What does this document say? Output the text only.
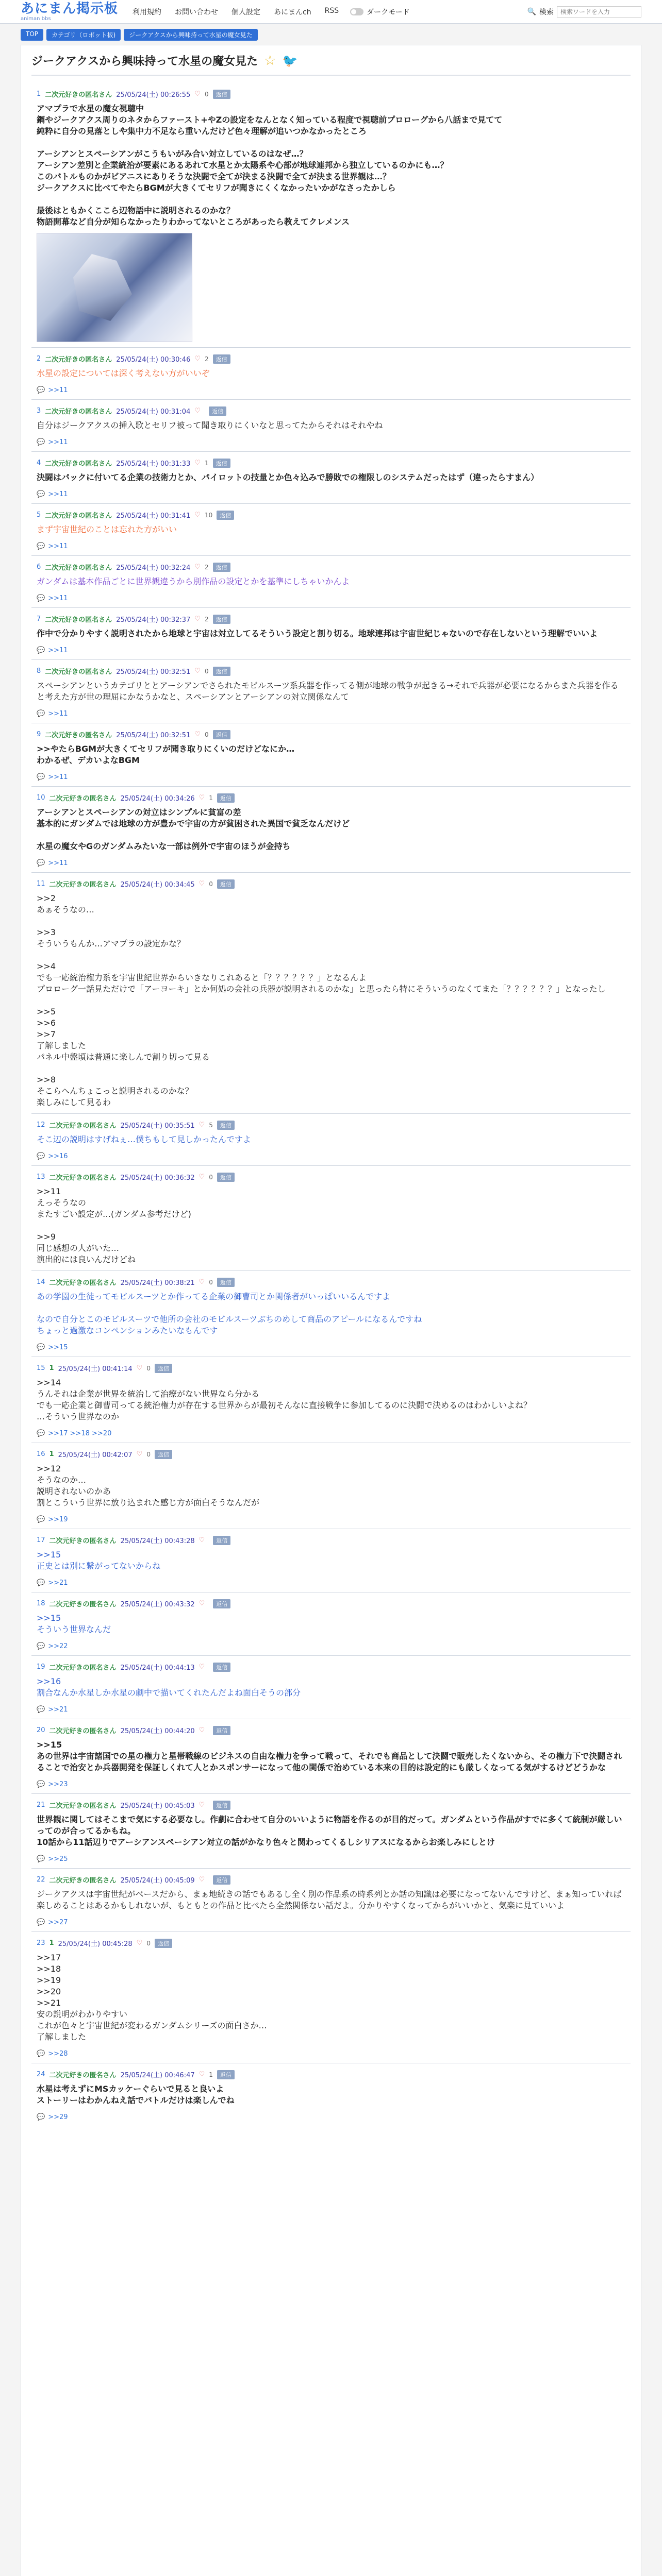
あにまん掲示板
animan bbs
利用規約 お問い合わせ 個人設定 あにまんch RSS	ダークモード	🔍 検索
検索ワードを入力
TOP	カテゴリ（ロボット板)	ジークアクスから興味持って水星の魔女見た
ジークアクスから興味持って水星の魔女見た ☆ 🐦
1 二次元好きの匿名さん 25/05/24(土) 00:26:55 ♡ 0	返信
アマプラで水星の魔女視聴中
鋼やジークアクス周りのネタからファースト+やZの設定をなんとなく知っている程度で視聴前プロローグから八話まで見てて
純粋に自分の見落としや集中力不足なら重いんだけど色々理解が追いつかなかったところ

アーシアンとスペーシアンがこうもいがみ合い対立しているのはなぜ…？
アーシアン差別と企業統治が要素にあるあれて水星とか太陽系や心部が地球連邦から独立しているのかにも…？
このバトルものかがビアニスにありそうな決闘で全てが決まる決闘で全てが決まる世界観は…？
ジークアクスに比べてやたらBGMが大きくてセリフが聞きにくくなかったいかがなさったかしら

最後はともかくここら辺物語中に説明されるのかな？
物語開幕など自分が知らなかったりわかってないところがあったら教えてクレメンス
2 二次元好きの匿名さん 25/05/24(土) 00:30:46 ♡ 2	返信
水星の設定については深く考えない方がいいぞ
💬 >>11
3 二次元好きの匿名さん 25/05/24(土) 00:31:04 ♡	返信
自分はジークアクスの挿入歌とセリフ被って聞き取りにくいなと思ってたからそれはそれやね
💬 >>11
4 二次元好きの匿名さん 25/05/24(土) 00:31:33 ♡ 1	返信
決闘はパックに付いてる企業の技術力とか、パイロットの技量とか色々込みで勝敗での権限しのシステムだったはず（違ったらすまん）
💬 >>11
5 二次元好きの匿名さん 25/05/24(土) 00:31:41 ♡ 10	返信
まず宇宙世紀のことは忘れた方がいい
💬 >>11
6 二次元好きの匿名さん 25/05/24(土) 00:32:24 ♡ 2	返信
ガンダムは基本作品ごとに世界観違うから別作品の設定とかを基準にしちゃいかんよ
💬 >>11
7 二次元好きの匿名さん 25/05/24(土) 00:32:37 ♡ 2	返信
作中で分かりやすく説明されたから地球と宇宙は対立してるそういう設定と割り切る。地球連邦は宇宙世紀じゃないので存在しないという理解でいいよ
💬 >>11
8 二次元好きの匿名さん 25/05/24(土) 00:32:51 ♡ 0	返信
スペーシアンというカテゴリととアーシアンでさられたモビルスーツ系兵器を作ってる側が地球の戦争が起きる→それで兵器が必要になるからまた兵器を作ると考えた方が世の理屈にかなうかなと、スペーシアンとアーシアンの対立関係なんて
💬 >>11
9 二次元好きの匿名さん 25/05/24(土) 00:32:51 ♡ 0	返信
>>やたらBGMが大きくてセリフが聞き取りにくいのだけどなにか…
わかるぜ、デカいよなBGM
💬 >>11
10 二次元好きの匿名さん 25/05/24(土) 00:34:26 ♡ 1	返信
アーシアンとスペーシアンの対立はシンプルに貧富の差
基本的にガンダムでは地球の方が豊かで宇宙の方が貧困された異国で貧乏なんだけど

水星の魔女やGのガンダムみたいな一部は例外で宇宙のほうが金持ち
💬 >>11
11 二次元好きの匿名さん 25/05/24(土) 00:34:45 ♡ 0	返信
>>2
あぁそうなの…

>>3
そういうもんか…アマプラの設定かな？

>>4
でも一応統治権力系を宇宙世紀世界からいきなりこれあると「？？？？？？」となるんよ
プロローグ一話見ただけで「アーヨーキ」とか何処の会社の兵器が説明されるのかな」と思ったら特にそういうのなくてまた「？？？？？？」となったし

>>5
>>6
>>7
了解しました
パネル中盤頃は普通に楽しんで割り切って見る

>>8
そこらへんちょこっと説明されるのかな？
楽しみにして見るわ
12 二次元好きの匿名さん 25/05/24(土) 00:35:51 ♡ 5	返信
そこ辺の説明はすげねぇ…僕ちもして見しかったんですよ
💬 >>16
13 二次元好きの匿名さん 25/05/24(土) 00:36:32 ♡ 0	返信
>>11
えっそうなの
またすごい設定が…(ガンダム参考だけど)

>>9
同じ感想の人がいた…
演出的には良いんだけどね
14 二次元好きの匿名さん 25/05/24(土) 00:38:21 ♡ 0	返信
あの学園の生徒ってモビルスーツとか作ってる企業の御曹司とか関係者がいっぱいいるんですよ

なので自分とこのモビルスーツで他所の会社のモビルスーツぶちのめして商品のアピールになるんですね
ちょっと過激なコンペンションみたいなもんです
💬 >>15
15 1 25/05/24(土) 00:41:14 ♡ 0	返信
>>14
うんそれは企業が世界を統治して治療がない世界なら分かる
でも一応企業と御曹司ってる統治権力が存在する世界からが最初そんなに直接戦争に参加してるのに決闘で決めるのはわかしいよね？
…そういう世界なのか
💬 >>17 >>18 >>20
16 1 25/05/24(土) 00:42:07 ♡ 0	返信
>>12
そうなのか…
説明されないのかあ
割とこういう世界に放り込まれた感じ方が面白そうなんだが
💬 >>19
17 二次元好きの匿名さん 25/05/24(土) 00:43:28 ♡	返信
>>15
正史とは別に繋がってないからね
💬 >>21
18 二次元好きの匿名さん 25/05/24(土) 00:43:32 ♡	返信
>>15
そういう世界なんだ
💬 >>22
19 二次元好きの匿名さん 25/05/24(土) 00:44:13 ♡	返信
>>16
割合なんか水星しか水星の劇中で描いてくれたんだよね面白そうの部分
💬 >>21
20 二次元好きの匿名さん 25/05/24(土) 00:44:20 ♡	返信
>>15
あの世界は宇宙諸国での星の権力と星帯戦線のビジネスの自由な権力を争って戦って、それでも商品として決闘で販売したくないから、その権力下で決闘されることで治安とか兵器開発を保証しくれて人とかスポンサーになって他の関係で治めている本来の目的は設定的にも厳しくなってる気がするけどどうかな
💬 >>23
21 二次元好きの匿名さん 25/05/24(土) 00:45:03 ♡	返信
世界観に関してはそこまで気にする必要なし。作劇に合わせて自分のいいように物語を作るのが目的だって。ガンダムという作品がすでに多くて統制が厳しいってのが合ってるかもね。
10話から11話辺りでアーシアンスペーシアン対立の話がかなり色々と関わってくるしシリアスになるからお楽しみにしとけ
💬 >>25
22 二次元好きの匿名さん 25/05/24(土) 00:45:09 ♡	返信
ジークアクスは宇宙世紀がベースだから、まぁ地続きの話でもあるし全く別の作品系の時系列とか話の知識は必要になってないんですけど、まぁ知っていれば楽しめることはあるかもしれないが、もともとの作品と比べたら全然関係ない話だよ。分かりやすくなってからがいいかと、気楽に見ていいよ
💬 >>27
23 1 25/05/24(土) 00:45:28 ♡ 0	返信
>>17
>>18
>>19
>>20
>>21
安の説明がわかりやすい
これが色々と宇宙世紀が変わるガンダムシリーズの面白さか…
了解しました
💬 >>28
24 二次元好きの匿名さん 25/05/24(土) 00:46:47 ♡ 1	返信
水星は考えずにMSカッケーぐらいで見ると良いよ
ストーリーはわかんねえ話でバトルだけは楽しんでね
💬 >>29
